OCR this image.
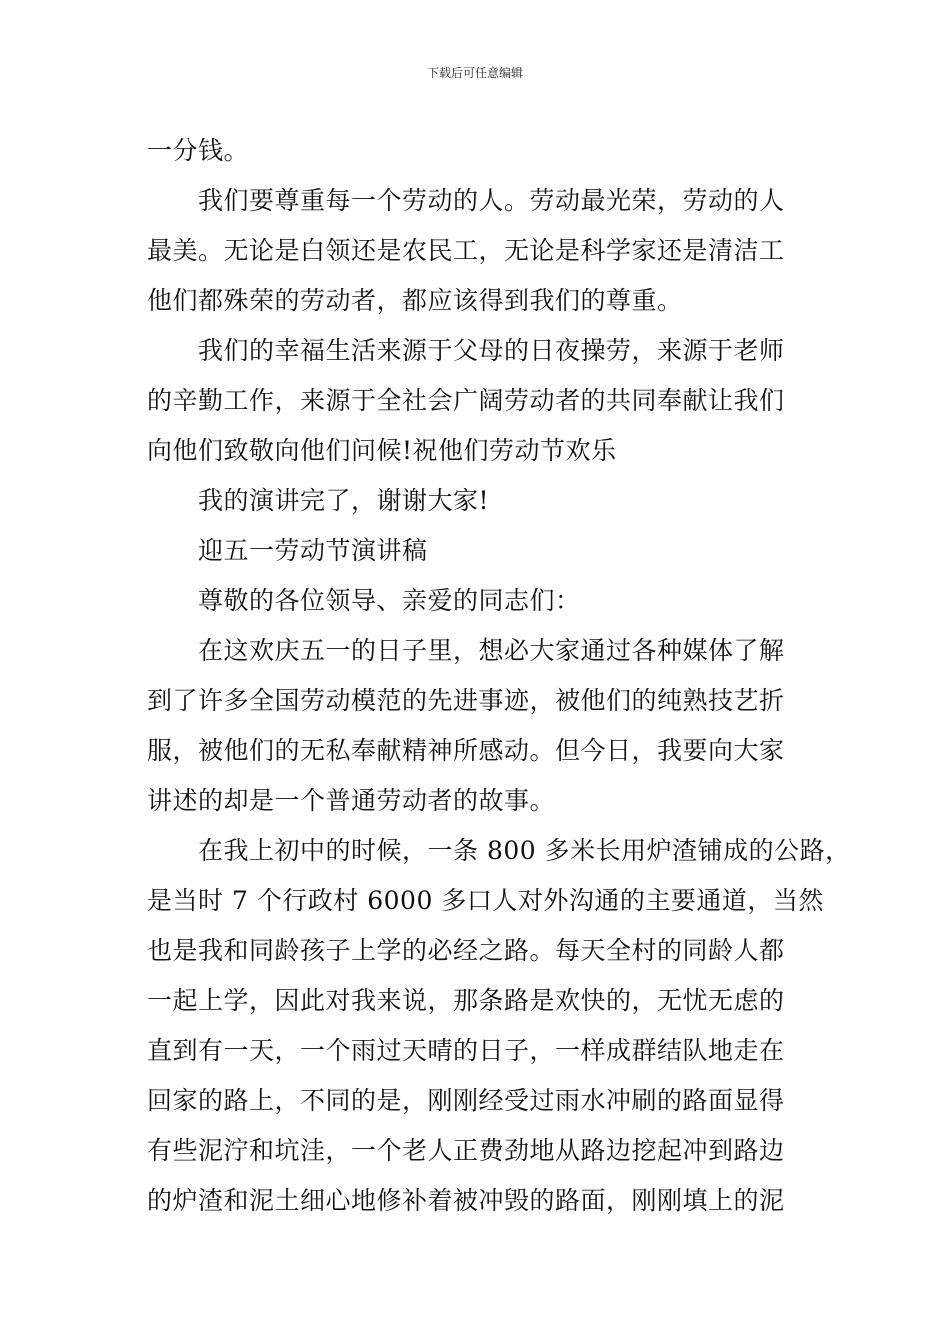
下载后可任意编辑
一分钱。
我们要尊重每一个劳动的人。劳动最光荣，劳动的人
最美。无论是白领还是农民工，无论是科学家还是清洁工
他们都殊荣的劳动者，都应该得到我们的尊重。
我们的幸福生活来源于父母的日夜操劳，来源于老师
的辛勤工作，来源于全社会广阔劳动者的共同奉献让我们
向他们致敬向他们问候!祝他们劳动节欢乐
我的演讲完了，谢谢大家!
迎五一劳动节演讲稿
尊敬的各位领导、亲爱的同志们：
在这欢庆五一的日子里，想必大家通过各种媒体了解
到了许多全国劳动模范的先进事迹，被他们的纯熟技艺折
服，被他们的无私奉献精神所感动。但今日，我要向大家
讲述的却是一个普通劳动者的故事。
在我上初中的时候，一条 800 多米长用炉渣铺成的公路，
是当时 7 个行政村 6000 多口人对外沟通的主要通道，当然
也是我和同龄孩子上学的必经之路。每天全村的同龄人都
一起上学，因此对我来说，那条路是欢快的，无忧无虑的
直到有一天，一个雨过天晴的日子，一样成群结队地走在
回家的路上，不同的是，刚刚经受过雨水冲刷的路面显得
有些泥泞和坑洼，一个老人正费劲地从路边挖起冲到路边
的炉渣和泥土细心地修补着被冲毁的路面，刚刚填上的泥
